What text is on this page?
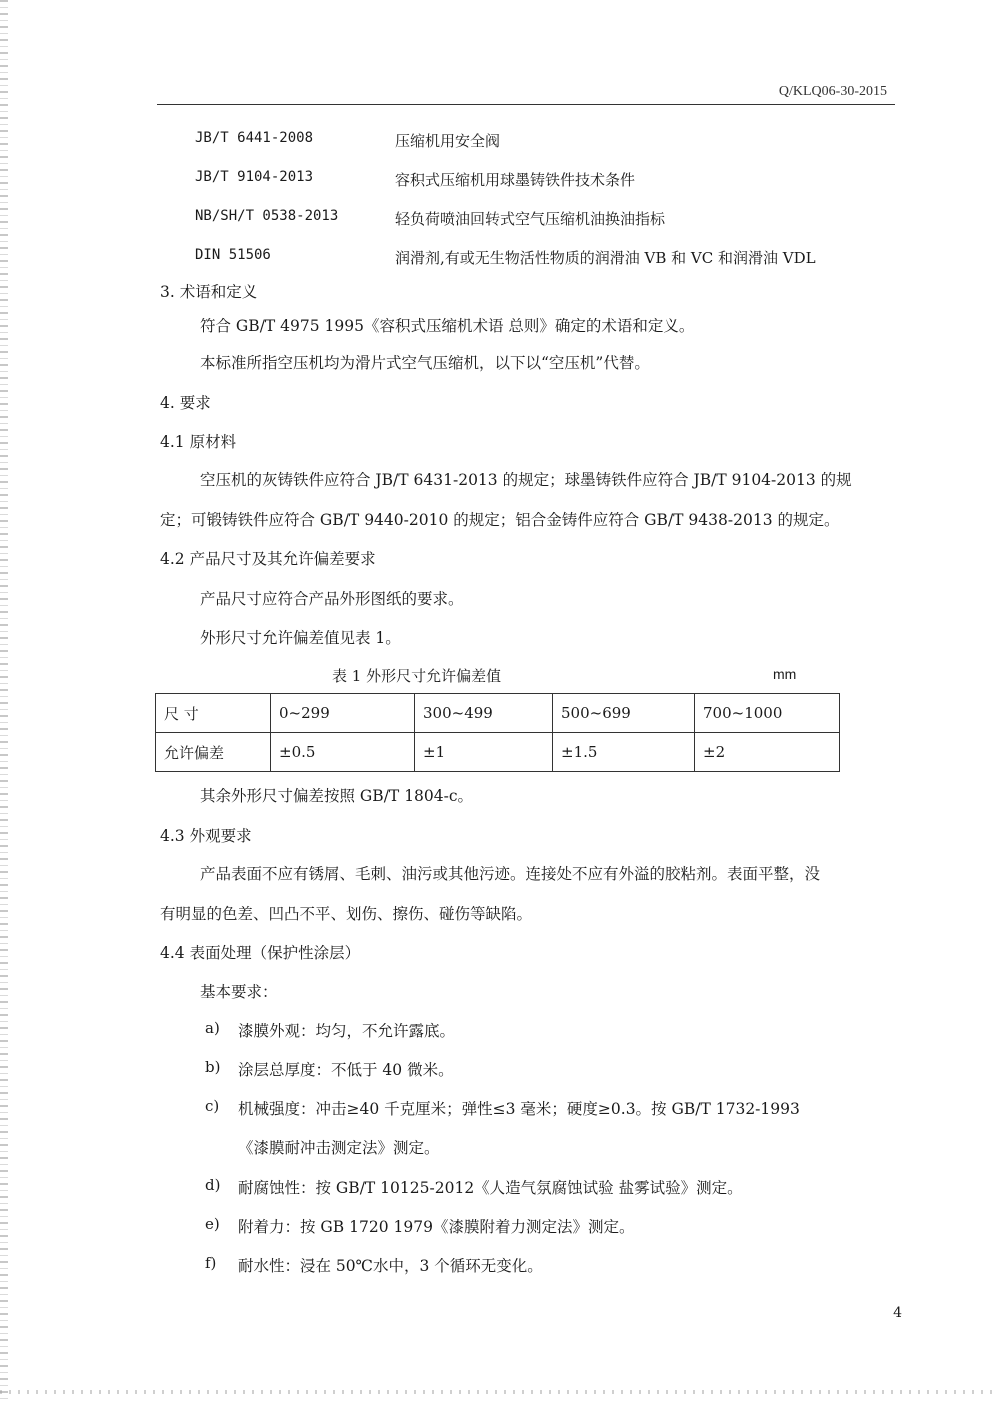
Q/KLQ06-30-2015
JB/T 6441-2008	压缩机用安全阀
JB/T 9104-2013	容积式压缩机用球墨铸铁件技术条件
NB/SH/T 0538-2013	轻负荷喷油回转式空气压缩机油换油指标
DIN 51506	润滑剂,有或无生物活性物质的润滑油 VB 和 VC 和润滑油 VDL
3. 术语和定义
符合 GB/T 4975 1995《容积式压缩机术语 总则》确定的术语和定义。
本标准所指空压机均为滑片式空气压缩机，以下以“空压机”代替。
4. 要求
4.1 原材料
空压机的灰铸铁件应符合 JB/T 6431-2013 的规定；球墨铸铁件应符合 JB/T 9104-2013 的规
定；可锻铸铁件应符合 GB/T 9440-2010 的规定；铝合金铸件应符合 GB/T 9438-2013 的规定。
4.2 产品尺寸及其允许偏差要求
产品尺寸应符合产品外形图纸的要求。
外形尺寸允许偏差值见表 1。
表 1 外形尺寸允许偏差值	mm
尺 寸	0~299	300~499	500~699	700~1000
允许偏差	±0.5	±1	±1.5	±2
其余外形尺寸偏差按照 GB/T 1804-c。
4.3 外观要求
产品表面不应有锈屑、毛刺、油污或其他污迹。连接处不应有外溢的胶粘剂。表面平整，没
有明显的色差、凹凸不平、划伤、擦伤、碰伤等缺陷。
4.4 表面处理（保护性涂层）
基本要求：
a) 漆膜外观：均匀，不允许露底。
b) 涂层总厚度：不低于 40 微米。
c) 机械强度：冲击≥40 千克厘米；弹性≤3 毫米；硬度≥0.3。按 GB/T 1732-1993
《漆膜耐冲击测定法》测定。
d) 耐腐蚀性：按 GB/T 10125-2012《人造气氛腐蚀试验 盐雾试验》测定。
e) 附着力：按 GB 1720 1979《漆膜附着力测定法》测定。
f) 耐水性：浸在 50℃水中，3 个循环无变化。
4
